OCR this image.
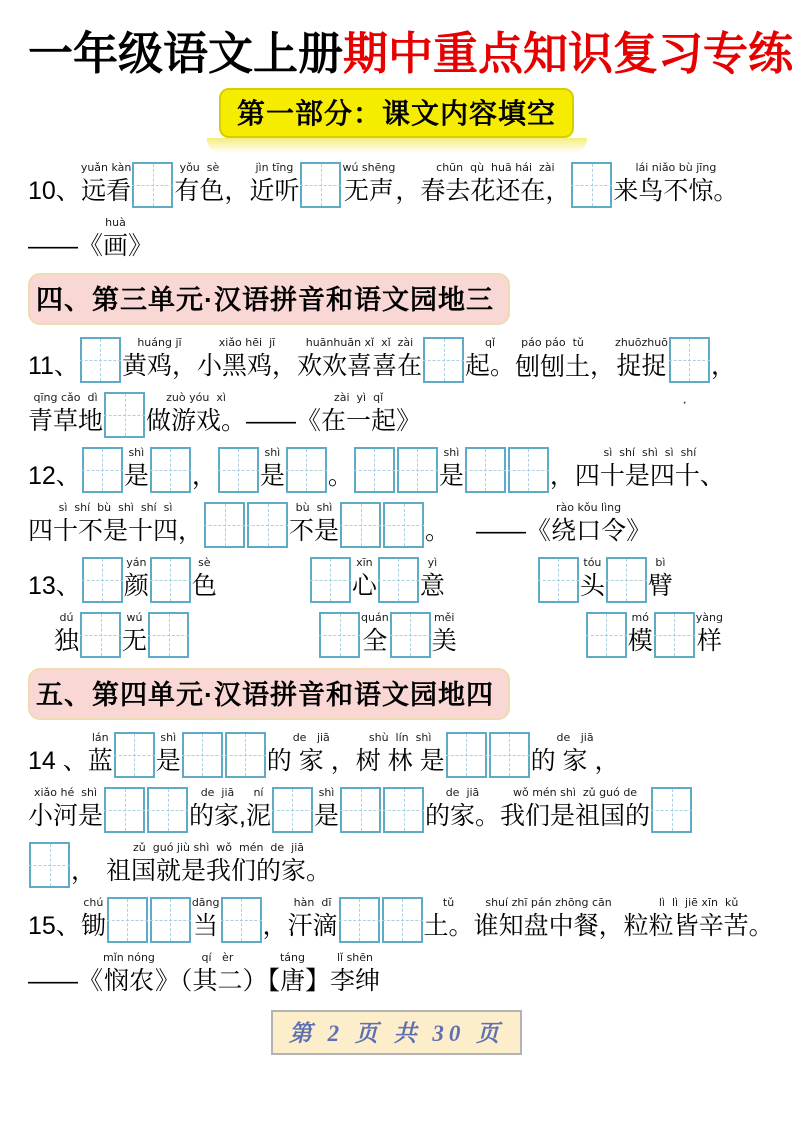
一年级语文上册期中重点知识复习专练
第一部分：课文内容填空
10、
yuǎn kàn
远看
yǒu  sè
有色 ，
jìn tīng
近听
wú shēng
无声 ，
chūn  qù  huā hái  zài
春去花还在，
lái niǎo bù jīng
来鸟不惊。
——《
huà
画 》
四、第三单元·汉语拼音和语文园地三
11、
huáng jī
黄鸡，
xiǎo hēi  jī
小黑鸡，
huānhuān xǐ  xǐ  zài
欢欢喜喜在
qǐ
起。
páo páo  tǔ
刨刨土 ，
zhuōzhuō
捉捉 ，
qīng cǎo  dì
青草地
zuò yóu  xì
做游戏。 ——《
zài  yì  qǐ
在一起 》
12、
shì
是 ，
shì
是 。
shì
是	，
sì  shí  shì  sì  shí
四十是四十、
sì  shí  bù  shì  shí  sì
四十不是十四，
bù  shì
不是	。 ——《
rào kǒu lìng
绕口令 》
13、
yán
颜
sè
色
xīn
心
yì
意
tóu
头
bì
臂
dú
独
wú
无
quán
全
měi
美
mó
模
yàng
样
五、第四单元·汉语拼音和语文园地四
14 、
lán
蓝
shì
是
de   jiā
的 家 ，
shù  lín  shì
树 林 是
de   jiā
的 家 ，
xiǎo hé  shì
小河是
de  jiā
的家,
ní
泥
shì
是
de  jiā
的家。
wǒ mén shì  zǔ guó de
我们是祖国的
，
zǔ  guó jiù shì  wǒ  mén  de  jiā
祖国就是我们的家。
15、
chú
锄
dāng
当 ，
hàn  dī
汗滴
tǔ
土。
shuí zhī pán zhōng cān
谁知盘中餐，
lì  lì  jiē xīn  kǔ
粒粒皆辛苦。
——《
mǐn nóng
悯农 》（
qí   èr
其二 ）【
táng
唐 】
lǐ shēn
李绅
·
第 2 页 共 30 页
